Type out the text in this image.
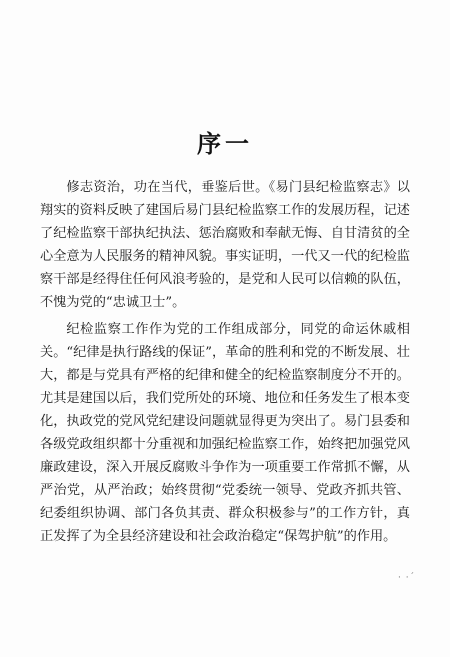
序一

修志资治，功在当代，垂鉴后世。《易门县纪检监察志》以翔实的资料反映了建国后易门县纪检监察工作的发展历程，记述了纪检监察干部执纪执法、惩治腐败和奉献无悔、自甘清贫的全心全意为人民服务的精神风貌。事实证明，一代又一代的纪检监察干部是经得住任何风浪考验的，是党和人民可以信赖的队伍，不愧为党的“忠诚卫士”。

纪检监察工作作为党的工作组成部分，同党的命运休戚相关。“纪律是执行路线的保证”，革命的胜利和党的不断发展、壮大，都是与党具有严格的纪律和健全的纪检监察制度分不开的。尤其是建国以后，我们党所处的环境、地位和任务发生了根本变化，执政党的党风党纪建设问题就显得更为突出了。易门县委和各级党政组织都十分重视和加强纪检监察工作，始终把加强党风廉政建设，深入开展反腐败斗争作为一项重要工作常抓不懈，从严治党，从严治政；始终贯彻“党委统一领导、党政齐抓共管、纪委组织协调、部门各负其责、群众积极参与”的工作方针，真正发挥了为全县经济建设和社会政治稳定“保驾护航”的作用。

· ·´
